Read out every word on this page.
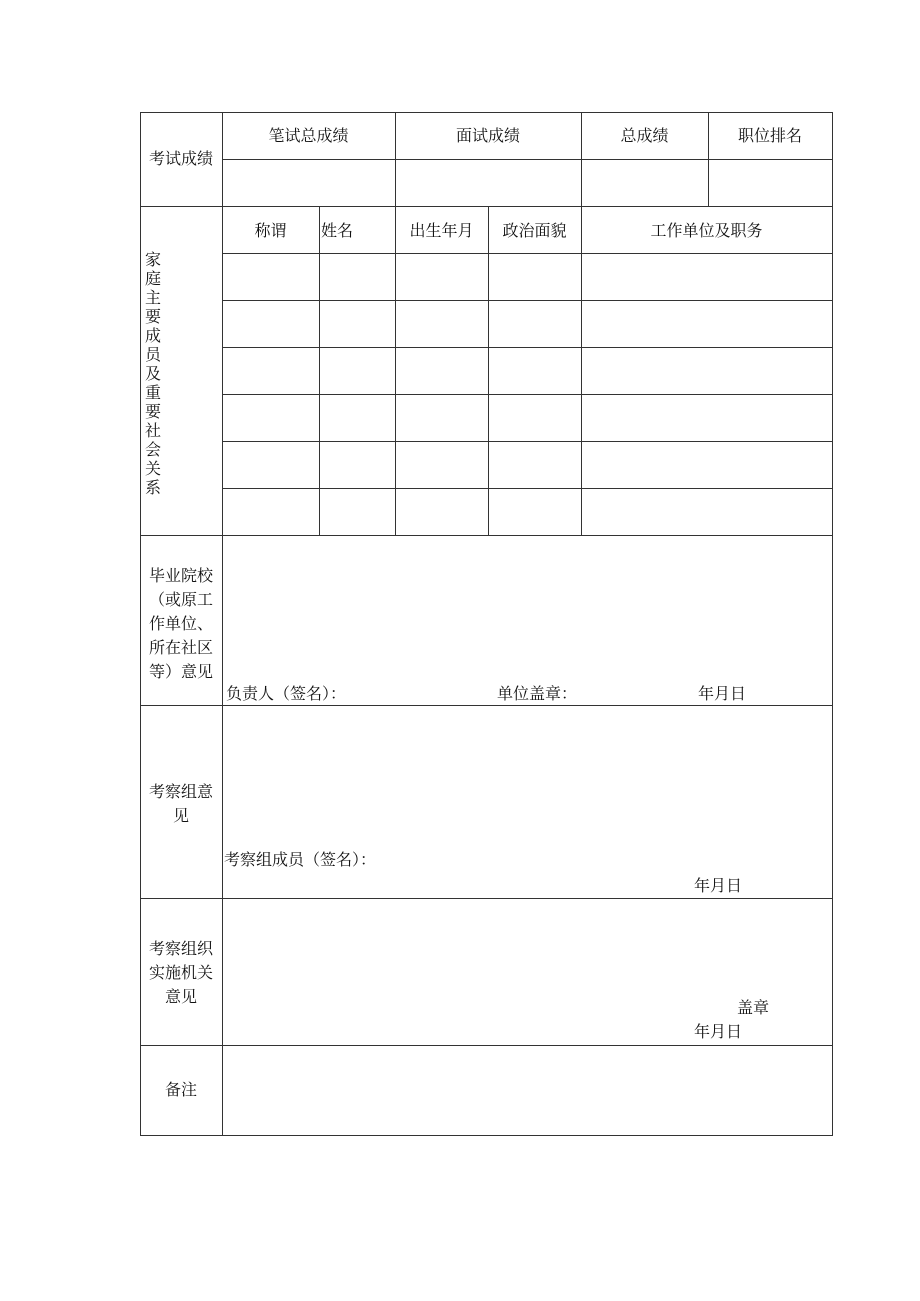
考试成绩
笔试总成绩	面试成绩	总成绩	职位排名
家
庭
主
要
成
员
及
重
要
社
会
关
系
称谓	姓名	出生年月	政治面貌	工作单位及职务
毕业院校
（或原工
作单位、
所在社区
等）意见
负责人（签名）：	单位盖章：	年月日
考察组意
见
考察组成员（签名）：
年月日
考察组织
实施机关
意见
盖章
年月日
备注
